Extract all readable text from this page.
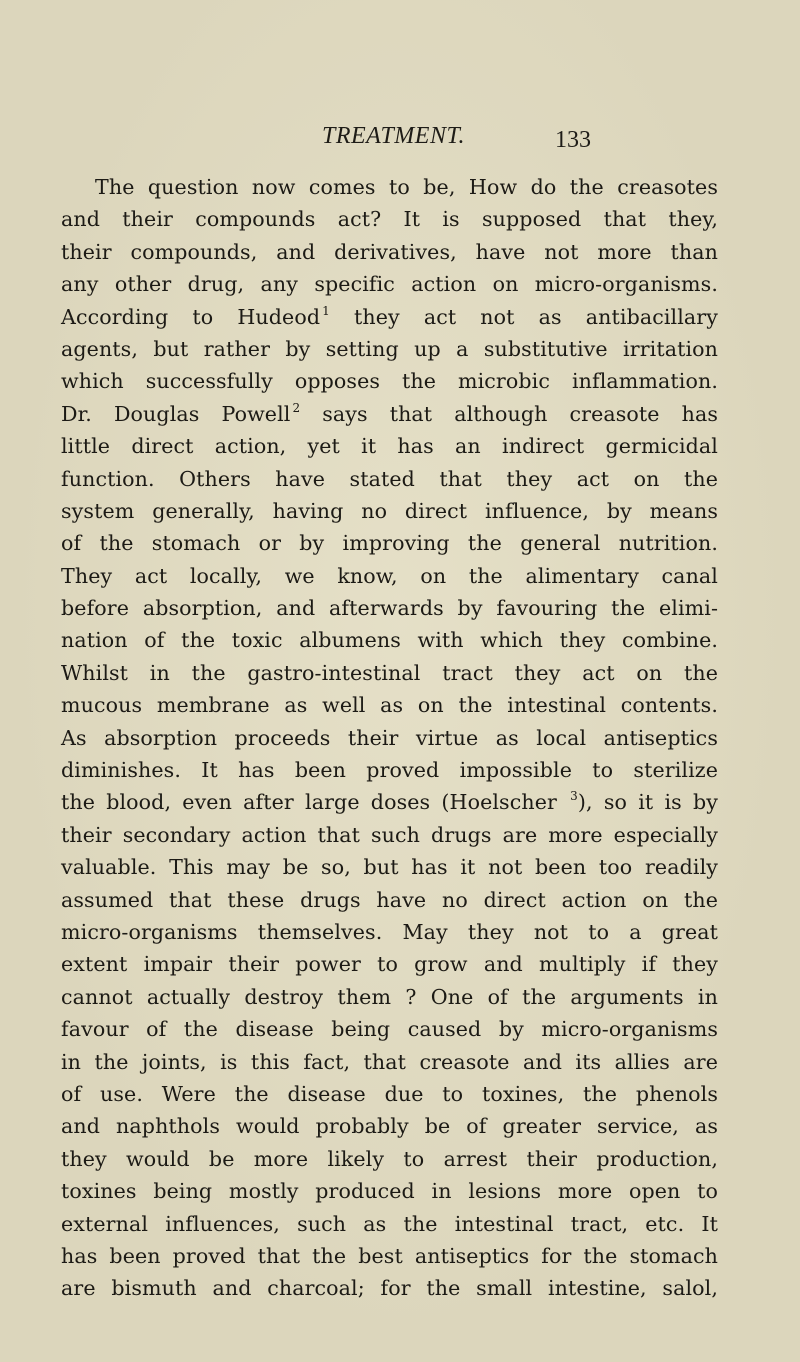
TREATMENT.	133
The question now comes to be, How do the creasotes
and their compounds act? It is supposed that they,
their compounds, and derivatives, have not more than
any other drug, any specific action on micro-organisms.
According to Hudeod $^1$ they act not as antibacillary
agents, but rather by setting up a substitutive irritation
which successfully opposes the microbic inflammation.
Dr. Douglas Powell $^2$ says that although creasote has
little direct action, yet it has an indirect germicidal
function. Others have stated that they act on the
system generally, having no direct influence, by means
of the stomach or by improving the general nutrition.
They act locally, we know, on the alimentary canal
before absorption, and afterwards by favouring the elimi-
nation of the toxic albumens with which they combine.
Whilst in the gastro-intestinal tract they act on the
mucous membrane as well as on the intestinal contents.
As absorption proceeds their virtue as local antiseptics
diminishes. It has been proved impossible to sterilize
the blood, even after large doses (Hoelscher $^3$), so it is by
their secondary action that such drugs are more especially
valuable. This may be so, but has it not been too readily
assumed that these drugs have no direct action on the
micro-organisms themselves. May they not to a great
extent impair their power to grow and multiply if they
cannot actually destroy them ? One of the arguments in
favour of the disease being caused by micro-organisms
in the joints, is this fact, that creasote and its allies are
of use. Were the disease due to toxines, the phenols
and naphthols would probably be of greater service, as
they would be more likely to arrest their production,
toxines being mostly produced in lesions more open to
external influences, such as the intestinal tract, etc. It
has been proved that the best antiseptics for the stomach
are bismuth and charcoal; for the small intestine, salol,
